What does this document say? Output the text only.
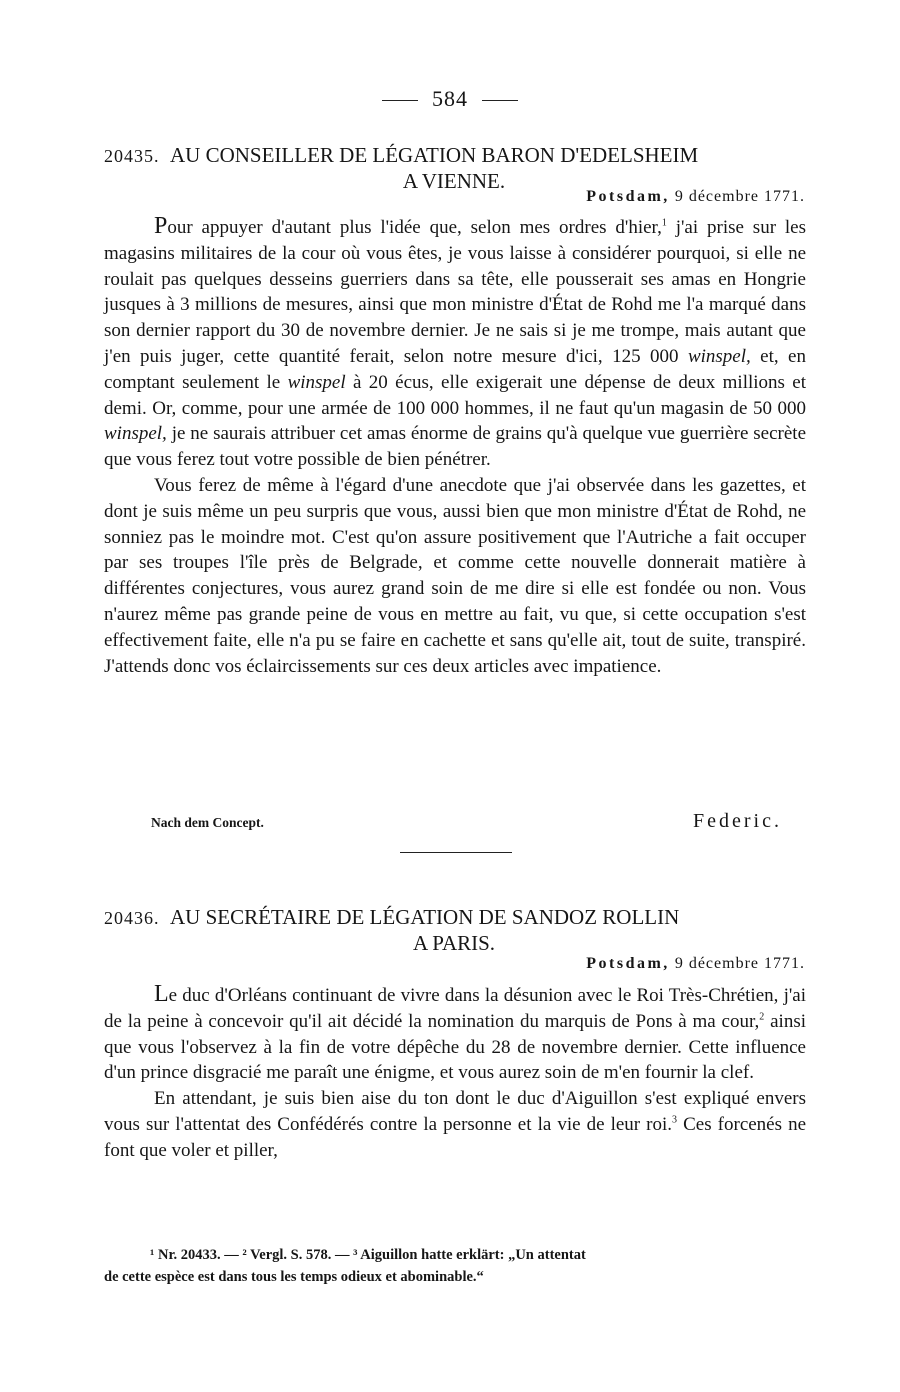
584
20435. AU CONSEILLER DE LÉGATION BARON D'EDELSHEIM
A VIENNE.
Potsdam, 9 décembre 1771.

Pour appuyer d'autant plus l'idée que, selon mes ordres d'hier,$^1$ j'ai prise sur les magasins militaires de la cour où vous êtes, je vous laisse à considérer pourquoi, si elle ne roulait pas quelques desseins guerriers dans sa tête, elle pousserait ses amas en Hongrie jusques à 3 millions de mesures, ainsi que mon ministre d'État de Rohd me l'a marqué dans son dernier rapport du 30 de novembre dernier. Je ne sais si je me trompe, mais autant que j'en puis juger, cette quantité ferait, selon notre mesure d'ici, 125 000 winspel, et, en comptant seulement le winspel à 20 écus, elle exigerait une dépense de deux millions et demi. Or, comme, pour une armée de 100 000 hommes, il ne faut qu'un magasin de 50 000 winspel, je ne saurais attribuer cet amas énorme de grains qu'à quelque vue guerrière secrète que vous ferez tout votre possible de bien pénétrer.

Vous ferez de même à l'égard d'une anecdote que j'ai observée dans les gazettes, et dont je suis même un peu surpris que vous, aussi bien que mon ministre d'État de Rohd, ne sonniez pas le moindre mot. C'est qu'on assure positivement que l'Autriche a fait occuper par ses troupes l'île près de Belgrade, et comme cette nouvelle donnerait matière à différentes conjectures, vous aurez grand soin de me dire si elle est fondée ou non. Vous n'aurez même pas grande peine de vous en mettre au fait, vu que, si cette occupation s'est effectivement faite, elle n'a pu se faire en cachette et sans qu'elle ait, tout de suite, transpiré. J'attends donc vos éclaircissements sur ces deux articles avec impatience.

Nach dem Concept.	Federic.
20436. AU SECRÉTAIRE DE LÉGATION DE SANDOZ ROLLIN
A PARIS.
Potsdam, 9 décembre 1771.

Le duc d'Orléans continuant de vivre dans la désunion avec le Roi Très-Chrétien, j'ai de la peine à concevoir qu'il ait décidé la nomination du marquis de Pons à ma cour,$^2$ ainsi que vous l'observez à la fin de votre dépêche du 28 de novembre dernier. Cette influence d'un prince disgracié me paraît une énigme, et vous aurez soin de m'en fournir la clef.

En attendant, je suis bien aise du ton dont le duc d'Aiguillon s'est expliqué envers vous sur l'attentat des Confédérés contre la personne et la vie de leur roi.$^3$ Ces forcenés ne font que voler et piller,

¹ Nr. 20433. — ² Vergl. S. 578. — ³ Aiguillon hatte erklärt: „Un attentat
de cette espèce est dans tous les temps odieux et abominable.“
